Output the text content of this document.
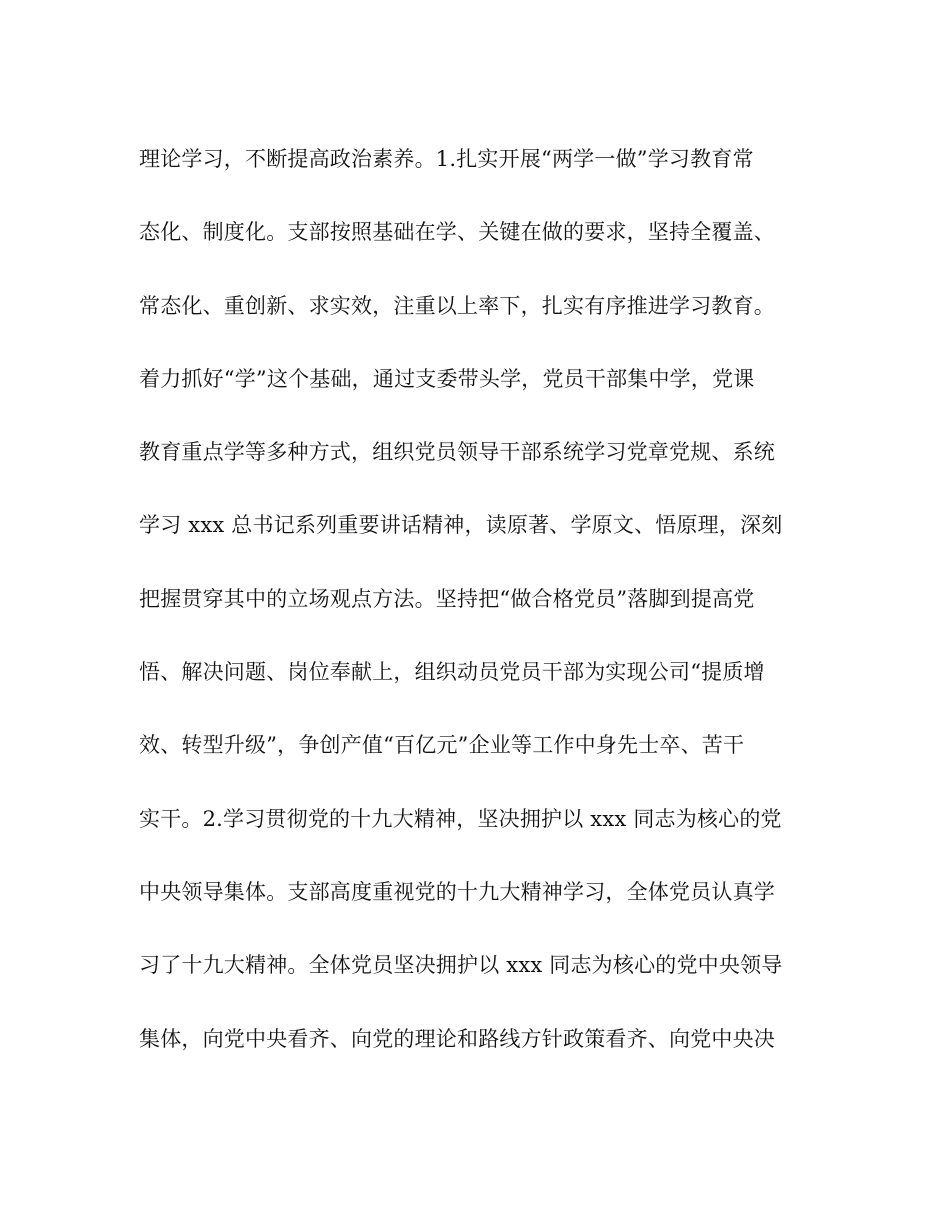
理论学习，不断提高政治素养。1.扎实开展“两学一做”学习教育常
态化、制度化。支部按照基础在学、关键在做的要求，坚持全覆盖、
常态化、重创新、求实效，注重以上率下，扎实有序推进学习教育。
着力抓好“学”这个基础，通过支委带头学，党员干部集中学，党课
教育重点学等多种方式，组织党员领导干部系统学习党章党规、系统
学习 xxx 总书记系列重要讲话精神，读原著、学原文、悟原理，深刻
把握贯穿其中的立场观点方法。坚持把“做合格党员”落脚到提高党
悟、解决问题、岗位奉献上，组织动员党员干部为实现公司“提质增
效、转型升级”，争创产值“百亿元”企业等工作中身先士卒、苦干
实干。2.学习贯彻党的十九大精神，坚决拥护以 xxx 同志为核心的党
中央领导集体。支部高度重视党的十九大精神学习，全体党员认真学
习了十九大精神。全体党员坚决拥护以 xxx 同志为核心的党中央领导
集体，向党中央看齐、向党的理论和路线方针政策看齐、向党中央决
